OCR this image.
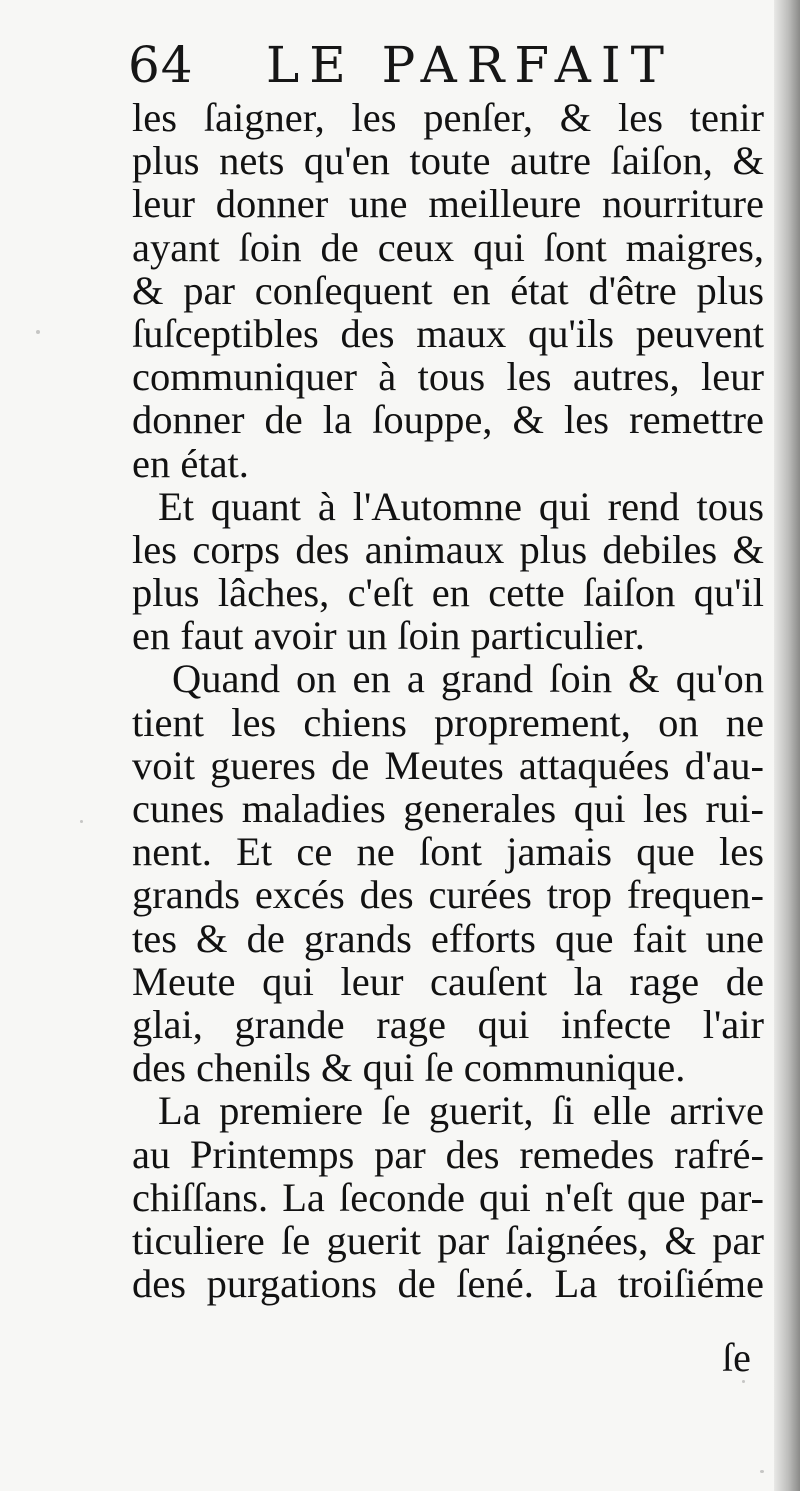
64 LE PARFAIT
les ſaigner, les penſer, & les tenir
plus nets qu'en toute autre ſaiſon, &
leur donner une meilleure nourriture
ayant ſoin de ceux qui ſont maigres,
& par conſequent en état d'être plus
ſuſceptibles des maux qu'ils peuvent
communiquer à tous les autres, leur
donner de la ſouppe, & les remettre
en état.
Et quant à l'Automne qui rend tous
les corps des animaux plus debiles &
plus lâches, c'eſt en cette ſaiſon qu'il
en faut avoir un ſoin particulier.
Quand on en a grand ſoin & qu'on
tient les chiens proprement, on ne
voit gueres de Meutes attaquées d'au-
cunes maladies generales qui les rui-
nent. Et ce ne ſont jamais que les
grands excés des curées trop frequen-
tes & de grands efforts que fait une
Meute qui leur cauſent la rage de
glai, grande rage qui infecte l'air
des chenils & qui ſe communique.
La premiere ſe guerit, ſi elle arrive
au Printemps par des remedes rafré-
chiſſans. La ſeconde qui n'eſt que par-
ticuliere ſe guerit par ſaignées, & par
des purgations de ſené. La troiſiéme
ſe
